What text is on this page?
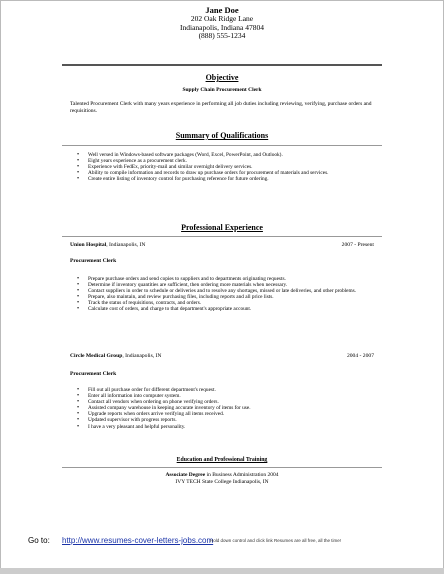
Jane Doe
202 Oak Ridge Lane
Indianapolis, Indiana 47804
(888) 555-1234
Objective
Supply Chain Procurement Clerk
Talented Procurement Clerk with many years experience in performing all job duties including reviewing, verifying, purchase orders and requisitions.
Summary of Qualifications
• Well versed in Windows-based software packages (Word, Excel, PowerPoint, and Outlook).
• Eight years experience as a procurement clerk.
• Experience with FedEx, priority-mail and similar overnight delivery services.
• Ability to compile information and records to draw up purchase orders for procurement of materials and services.
• Create entire listing of inventory control for purchasing reference for future ordering.
Professional Experience
Union Hospital, Indianapolis, IN	2007 - Present
Procurement Clerk
• Prepare purchase orders and send copies to suppliers and to departments originating requests.
• Determine if inventory quantities are sufficient, then ordering more materials when necessary.
• Contact suppliers in order to schedule or deliveries and to resolve any shortages, missed or late deliveries, and other problems.
• Prepare, also maintain, and review purchasing files, including reports and all price lists.
• Track the status of requisitions, contracts, and orders.
• Calculate cost of orders, and charge to that department's appropriate account.
Circle Medical Group, Indianapolis, IN	2004 - 2007
Procurement Clerk
• Fill out all purchase order for different department's request.
• Enter all information into computer system.
• Contact all vendors when ordering on phone verifying orders.
• Assisted company warehouse in keeping accurate inventory of items for use.
• Upgrade reports when orders arrive verifying all items received.
• Updated supervisor with progress reports.
• I have a very pleasant and helpful personality.
Education and Professional Training
Associate Degree in Business Administration 2004
IVY TECH State College Indianapolis, IN
Go to: http://www.resumes-cover-letters-jobs.com
Hold down control and click link Resumes are all free, all the time!
